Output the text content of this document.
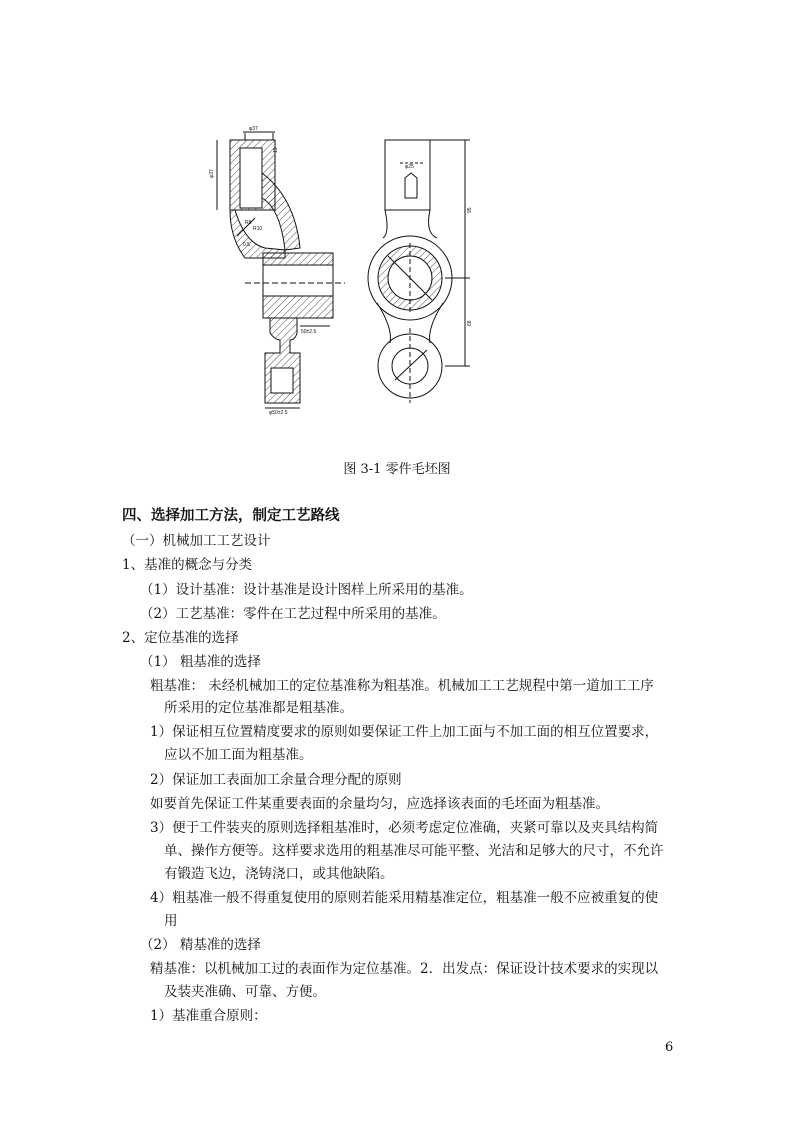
φ37
φ37
15
R8
R10
0.5
50±2.5
φ50±2.5
φ25
95
68
图 3-1 零件毛坯图
四、选择加工方法，制定工艺路线
（一）机械加工工艺设计
1、基准的概念与分类
（1）设计基准：设计基准是设计图样上所采用的基准。
（2）工艺基准：零件在工艺过程中所采用的基准。
2、定位基准的选择
（1） 粗基准的选择
粗基准： 未经机械加工的定位基准称为粗基准。机械加工工艺规程中第一道加工工序
所采用的定位基准都是粗基准。
1）保证相互位置精度要求的原则如要保证工件上加工面与不加工面的相互位置要求，
应以不加工面为粗基准。
2）保证加工表面加工余量合理分配的原则
如要首先保证工件某重要表面的余量均匀，应选择该表面的毛坯面为粗基准。
3）便于工件装夹的原则选择粗基准时，必须考虑定位准确，夹紧可靠以及夹具结构简
单、操作方便等。这样要求选用的粗基准尽可能平整、光洁和足够大的尺寸，不允许
有锻造飞边，浇铸浇口，或其他缺陷。
4）粗基准一般不得重复使用的原则若能采用精基准定位，粗基准一般不应被重复的使
用
（2） 精基准的选择
精基准：以机械加工过的表面作为定位基准。2．出发点：保证设计技术要求的实现以
及装夹准确、可靠、方便。
1）基准重合原则：
6
